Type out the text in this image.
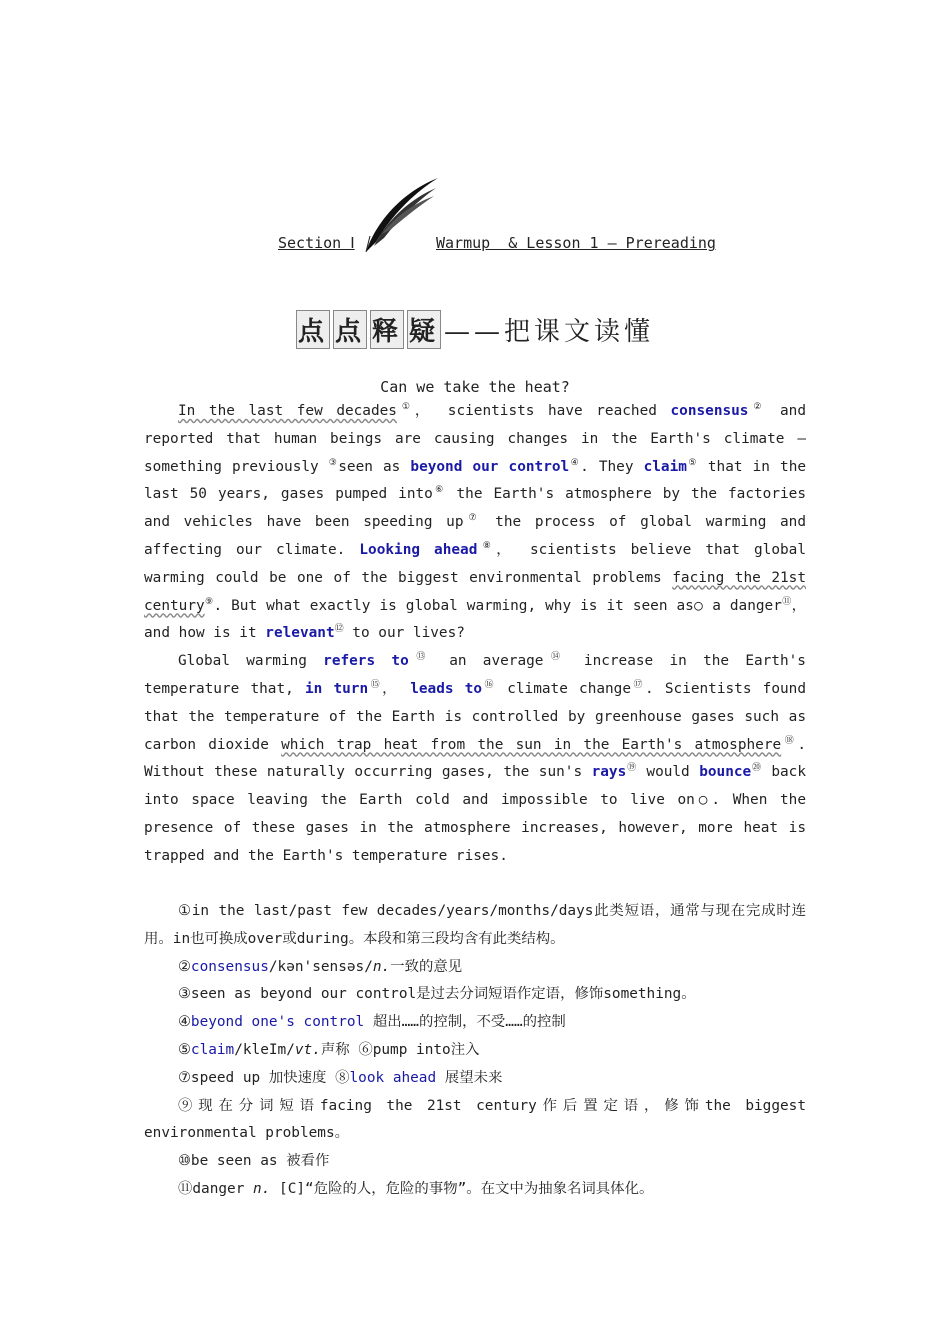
Section Ⅰ	Warmup  & Lesson 1 — Prereading
点 点 释 疑 ——把课文读懂
Can we take the heat?

In the last few decades①， scientists have reached consensus② and reported that human beings are causing changes in the Earth's climate — something previously ③seen as beyond our control④. They claim⑤ that in the last 50 years, gases pumped into⑥ the Earth's atmosphere by the factories and vehicles have been speeding up⑦ the process of global warming and affecting our climate. Looking ahead⑧， scientists believe that global warming could be one of the biggest environmental problems facing the 21st century⑨. But what exactly is global warming, why is it seen as○ a danger⑪， and how is it relevant⑫ to our lives?

Global warming refers to⑬ an average⑭ increase in the Earth's temperature that, in turn⑮， leads to⑯ climate change⑰. Scientists found that the temperature of the Earth is controlled by greenhouse gases such as carbon dioxide which trap heat from the sun in the Earth's atmosphere⑱. Without these naturally occurring gases, the sun's rays⑲ would bounce⑳ back into space leaving the Earth cold and impossible to live on○. When the presence of these gases in the atmosphere increases, however, more heat is trapped and the Earth's temperature rises.

①in the last/past few decades/years/months/days此类短语，通常与现在完成时连用。in也可换成over或during。本段和第三段均含有此类结构。

②consensus/kən'sensəs/n.一致的意见

③seen as beyond our control是过去分词短语作定语，修饰something。

④beyond one's control 超出……的控制，不受……的控制

⑤claim/kleIm/vt.声称 ⑥pump into注入

⑦speed up 加快速度 ⑧look ahead 展望未来

⑨现在分词短语facing the 21st century作后置定语，修饰the biggest environmental problems。

⑩be seen as 被看作

⑪danger n. [C]“危险的人，危险的事物”。在文中为抽象名词具体化。
